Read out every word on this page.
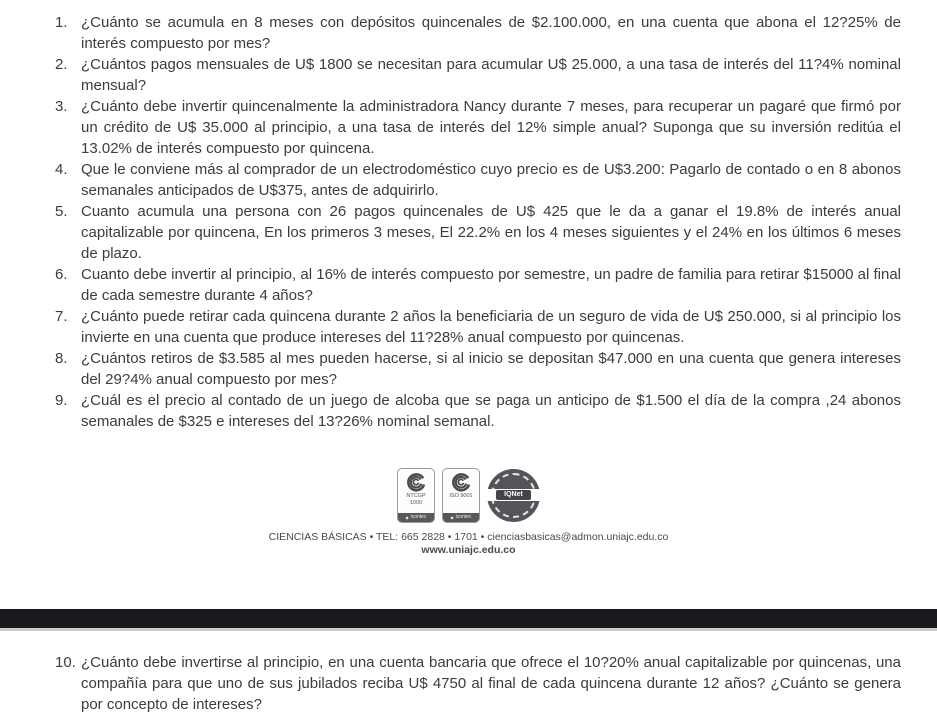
1. ¿Cuánto se acumula en 8 meses con depósitos quincenales de $2.100.000, en una cuenta que abona el 12?25% de interés compuesto por mes?
2. ¿Cuántos pagos mensuales de U$ 1800 se necesitan para acumular U$ 25.000, a una tasa de interés del 11?4% nominal mensual?
3. ¿Cuánto debe invertir quincenalmente la administradora Nancy durante 7 meses, para recuperar un pagaré que firmó por un crédito de U$ 35.000 al principio, a una tasa de interés del 12% simple anual? Suponga que su inversión reditúa el 13.02% de interés compuesto por quincena.
4. Que le conviene más al comprador de un electrodoméstico cuyo precio es de U$3.200: Pagarlo de contado o en 8 abonos semanales anticipados de U$375, antes de adquirirlo.
5. Cuanto acumula una persona con 26 pagos quincenales de U$ 425 que le da a ganar el 19.8% de interés anual capitalizable por quincena, En los primeros 3 meses, El 22.2% en los 4 meses siguientes y el 24% en los últimos 6 meses de plazo.
6. Cuanto debe invertir al principio, al 16% de interés compuesto por semestre, un padre de familia para retirar $15000 al final de cada semestre durante 4 años?
7. ¿Cuánto puede retirar cada quincena durante 2 años la beneficiaria de un seguro de vida de U$ 250.000, si al principio los invierte en una cuenta que produce intereses del 11?28% anual compuesto por quincenas.
8. ¿Cuántos retiros de $3.585 al mes pueden hacerse, si al inicio se depositan $47.000 en una cuenta que genera intereses del 29?4% anual compuesto por mes?
9. ¿Cuál es el precio al contado de un juego de alcoba que se paga un anticipo de $1.500 el día de la compra ,24 abonos semanales de $325 e intereses del 13?26% nominal semanal.
NTCGP
1000
◆ icontec
ISO 9001

◆ icontec
IQNet
CIENCIAS BÁSICAS • TEL: 665 2828 • 1701 • cienciasbasicas@admon.uniajc.edu.co
www.uniajc.edu.co
10. ¿Cuánto debe invertirse al principio, en una cuenta bancaria que ofrece el 10?20% anual capitalizable por quincenas, una compañía para que uno de sus jubilados reciba U$ 4750 al final de cada quincena durante 12 años? ¿Cuánto se genera por concepto de intereses?
